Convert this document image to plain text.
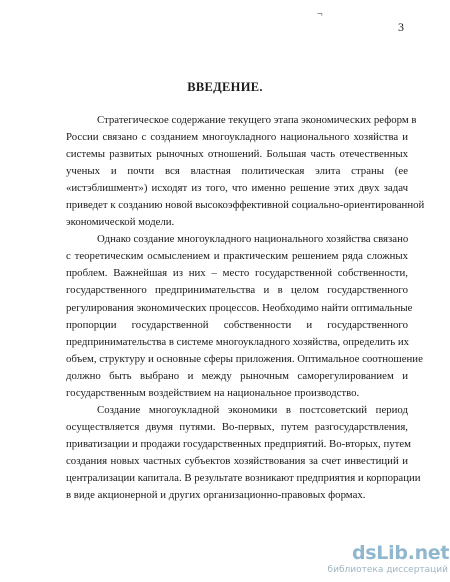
¬
3
ВВЕДЕНИЕ.
Стратегическое содержание текущего этапа экономических реформ в
России связано с созданием многоукладного национального хозяйства и
системы развитых рыночных отношений. Большая часть отечественных
ученых и почти вся властная политическая элита страны (ее
«истэблишмент») исходят из того, что именно решение этих двух задач
приведет к созданию новой высокоэффективной социально-ориентированной
экономической модели.
Однако создание многоукладного национального хозяйства связано
с теоретическим осмыслением и практическим решением ряда сложных
проблем. Важнейшая из них – место государственной собственности,
государственного предпринимательства и в целом государственного
регулирования экономических процессов. Необходимо найти оптимальные
пропорции государственной собственности и государственного
предпринимательства в системе многоукладного хозяйства, определить их
объем, структуру и основные сферы приложения. Оптимальное соотношение
должно быть выбрано и между рыночным саморегулированием и
государственным воздействием на национальное производство.
Создание многоукладной экономики в постсоветский период
осуществляется двумя путями. Во-первых, путем разгосударствления,
приватизации и продажи государственных предприятий. Во-вторых, путем
создания новых частных субъектов хозяйствования за счет инвестиций и
централизации капитала. В результате возникают предприятия и корпорации
в виде акционерной и других организационно-правовых формах.
dsLib.net
библиотека диссертаций
